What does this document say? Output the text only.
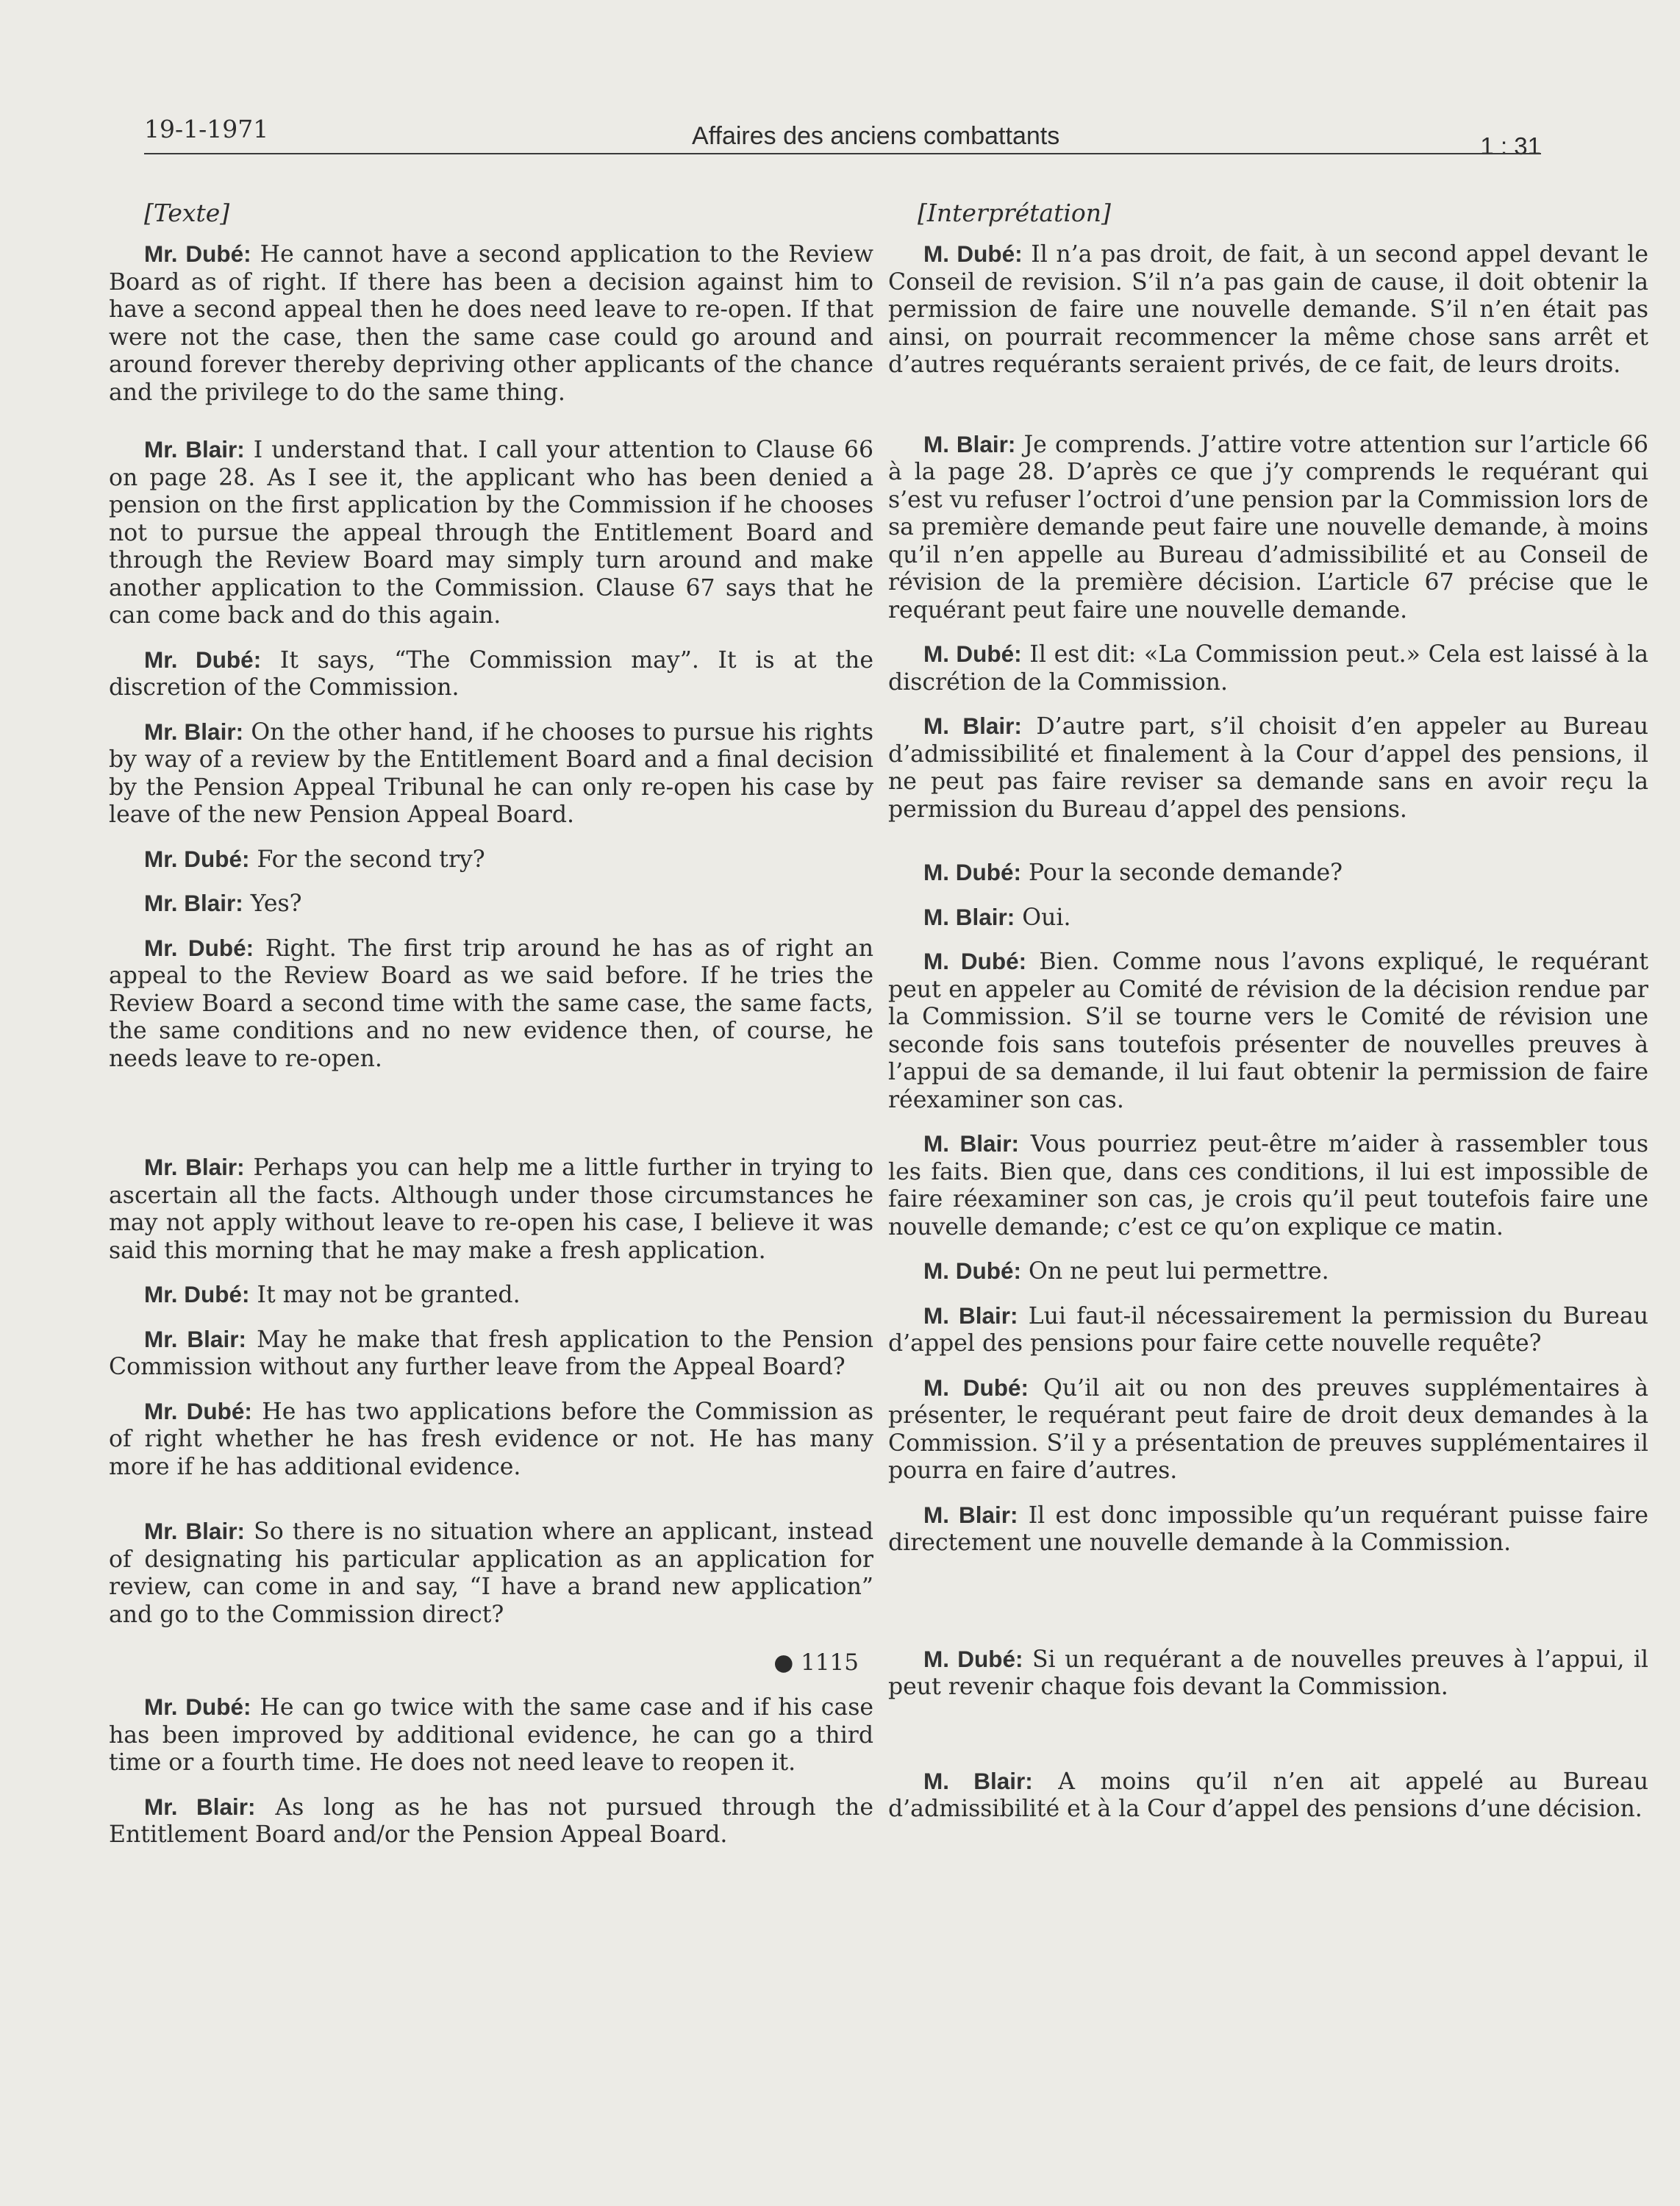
19-1-1971	Affaires des anciens combattants	1 : 31
[Texte]

Mr. Dubé: He cannot have a second application to the Review Board as of right. If there has been a decision against him to have a second appeal then he does need leave to re-open. If that were not the case, then the same case could go around and around forever thereby depriving other applicants of the chance and the privilege to do the same thing.

Mr. Blair: I understand that. I call your attention to Clause 66 on page 28. As I see it, the applicant who has been denied a pension on the first application by the Commission if he chooses not to pursue the appeal through the Entitlement Board and through the Review Board may simply turn around and make another application to the Commission. Clause 67 says that he can come back and do this again.

Mr. Dubé: It says, “The Commission may”. It is at the discretion of the Commission.

Mr. Blair: On the other hand, if he chooses to pursue his rights by way of a review by the Entitlement Board and a final decision by the Pension Appeal Tribunal he can only re-open his case by leave of the new Pension Appeal Board.

Mr. Dubé: For the second try?

Mr. Blair: Yes?

Mr. Dubé: Right. The first trip around he has as of right an appeal to the Review Board as we said before. If he tries the Review Board a second time with the same case, the same facts, the same conditions and no new evidence then, of course, he needs leave to re-open.

Mr. Blair: Perhaps you can help me a little further in trying to ascertain all the facts. Although under those circumstances he may not apply without leave to re-open his case, I believe it was said this morning that he may make a fresh application.

Mr. Dubé: It may not be granted.

Mr. Blair: May he make that fresh application to the Pension Commission without any further leave from the Appeal Board?

Mr. Dubé: He has two applications before the Commission as of right whether he has fresh evidence or not. He has many more if he has additional evidence.

Mr. Blair: So there is no situation where an applicant, instead of designating his particular application as an application for review, can come in and say, “I have a brand new application” and go to the Commission direct?

● 1115

Mr. Dubé: He can go twice with the same case and if his case has been improved by additional evidence, he can go a third time or a fourth time. He does not need leave to reopen it.

Mr. Blair: As long as he has not pursued through the Entitlement Board and/or the Pension Appeal Board.

[Interprétation]

M. Dubé: Il n’a pas droit, de fait, à un second appel devant le Conseil de revision. S’il n’a pas gain de cause, il doit obtenir la permission de faire une nouvelle demande. S’il n’en était pas ainsi, on pourrait recommencer la même chose sans arrêt et d’autres requérants seraient privés, de ce fait, de leurs droits.

M. Blair: Je comprends. J’attire votre attention sur l’article 66 à la page 28. D’après ce que j’y comprends le requérant qui s’est vu refuser l’octroi d’une pension par la Commission lors de sa première demande peut faire une nouvelle demande, à moins qu’il n’en appelle au Bureau d’admissibilité et au Conseil de révision de la première décision. L’article 67 précise que le requérant peut faire une nouvelle demande.

M. Dubé: Il est dit: «La Commission peut.» Cela est laissé à la discrétion de la Commission.

M. Blair: D’autre part, s’il choisit d’en appeler au Bureau d’admissibilité et finalement à la Cour d’appel des pensions, il ne peut pas faire reviser sa demande sans en avoir reçu la permission du Bureau d’appel des pensions.

M. Dubé: Pour la seconde demande?

M. Blair: Oui.

M. Dubé: Bien. Comme nous l’avons expliqué, le requérant peut en appeler au Comité de révision de la décision rendue par la Commission. S’il se tourne vers le Comité de révision une seconde fois sans toutefois présenter de nouvelles preuves à l’appui de sa demande, il lui faut obtenir la permission de faire réexaminer son cas.

M. Blair: Vous pourriez peut-être m’aider à rassembler tous les faits. Bien que, dans ces conditions, il lui est impossible de faire réexaminer son cas, je crois qu’il peut toutefois faire une nouvelle demande; c’est ce qu’on explique ce matin.

M. Dubé: On ne peut lui permettre.

M. Blair: Lui faut-il nécessairement la permission du Bureau d’appel des pensions pour faire cette nouvelle requête?

M. Dubé: Qu’il ait ou non des preuves supplémentaires à présenter, le requérant peut faire de droit deux demandes à la Commission. S’il y a présentation de preuves supplémentaires il pourra en faire d’autres.

M. Blair: Il est donc impossible qu’un requérant puisse faire directement une nouvelle demande à la Commission.

M. Dubé: Si un requérant a de nouvelles preuves à l’appui, il peut revenir chaque fois devant la Commission.

M. Blair: A moins qu’il n’en ait appelé au Bureau d’admissibilité et à la Cour d’appel des pensions d’une décision.
